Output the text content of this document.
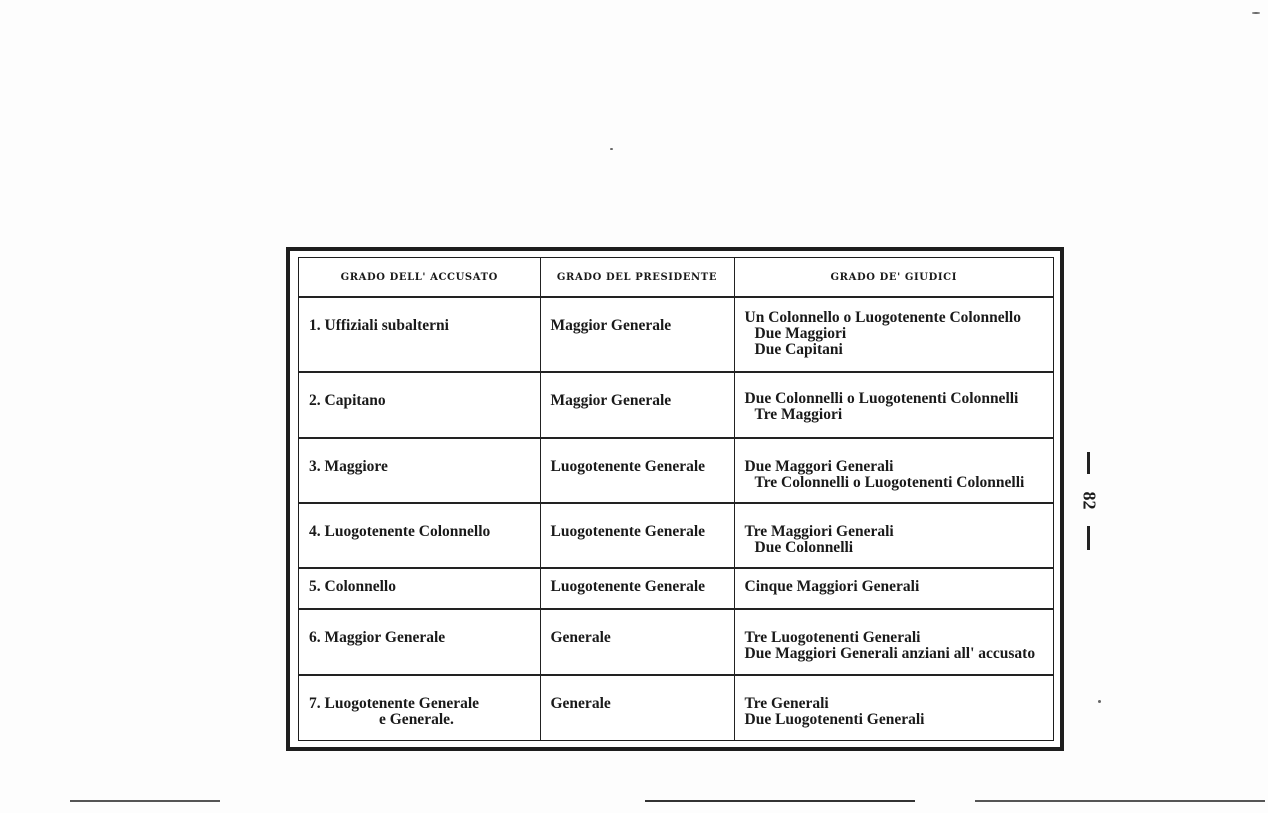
GRADO DELL' ACCUSATO	GRADO DEL PRESIDENTE	GRADO DE' GIUDICI

1. Uffiziali subalterni	Maggior Generale	Un Colonnello o Luogotenente Colonnello
Due Maggiori
Due Capitani

2. Capitano	Maggior Generale	Due Colonnelli o Luogotenenti Colonnelli
Tre Maggiori

3. Maggiore	Luogotenente Generale	Due Maggori Generali
Tre Colonnelli o Luogotenenti Colonnelli

4. Luogotenente Colonnello	Luogotenente Generale	Tre Maggiori Generali
Due Colonnelli

5. Colonnello	Luogotenente Generale	Cinque Maggiori Generali

6. Maggior Generale	Generale	Tre Luogotenenti Generali
Due Maggiori Generali anziani all' accusato

7. Luogotenente Generale
e Generale.	Generale	Tre Generali
Due Luogotenenti Generali
82
